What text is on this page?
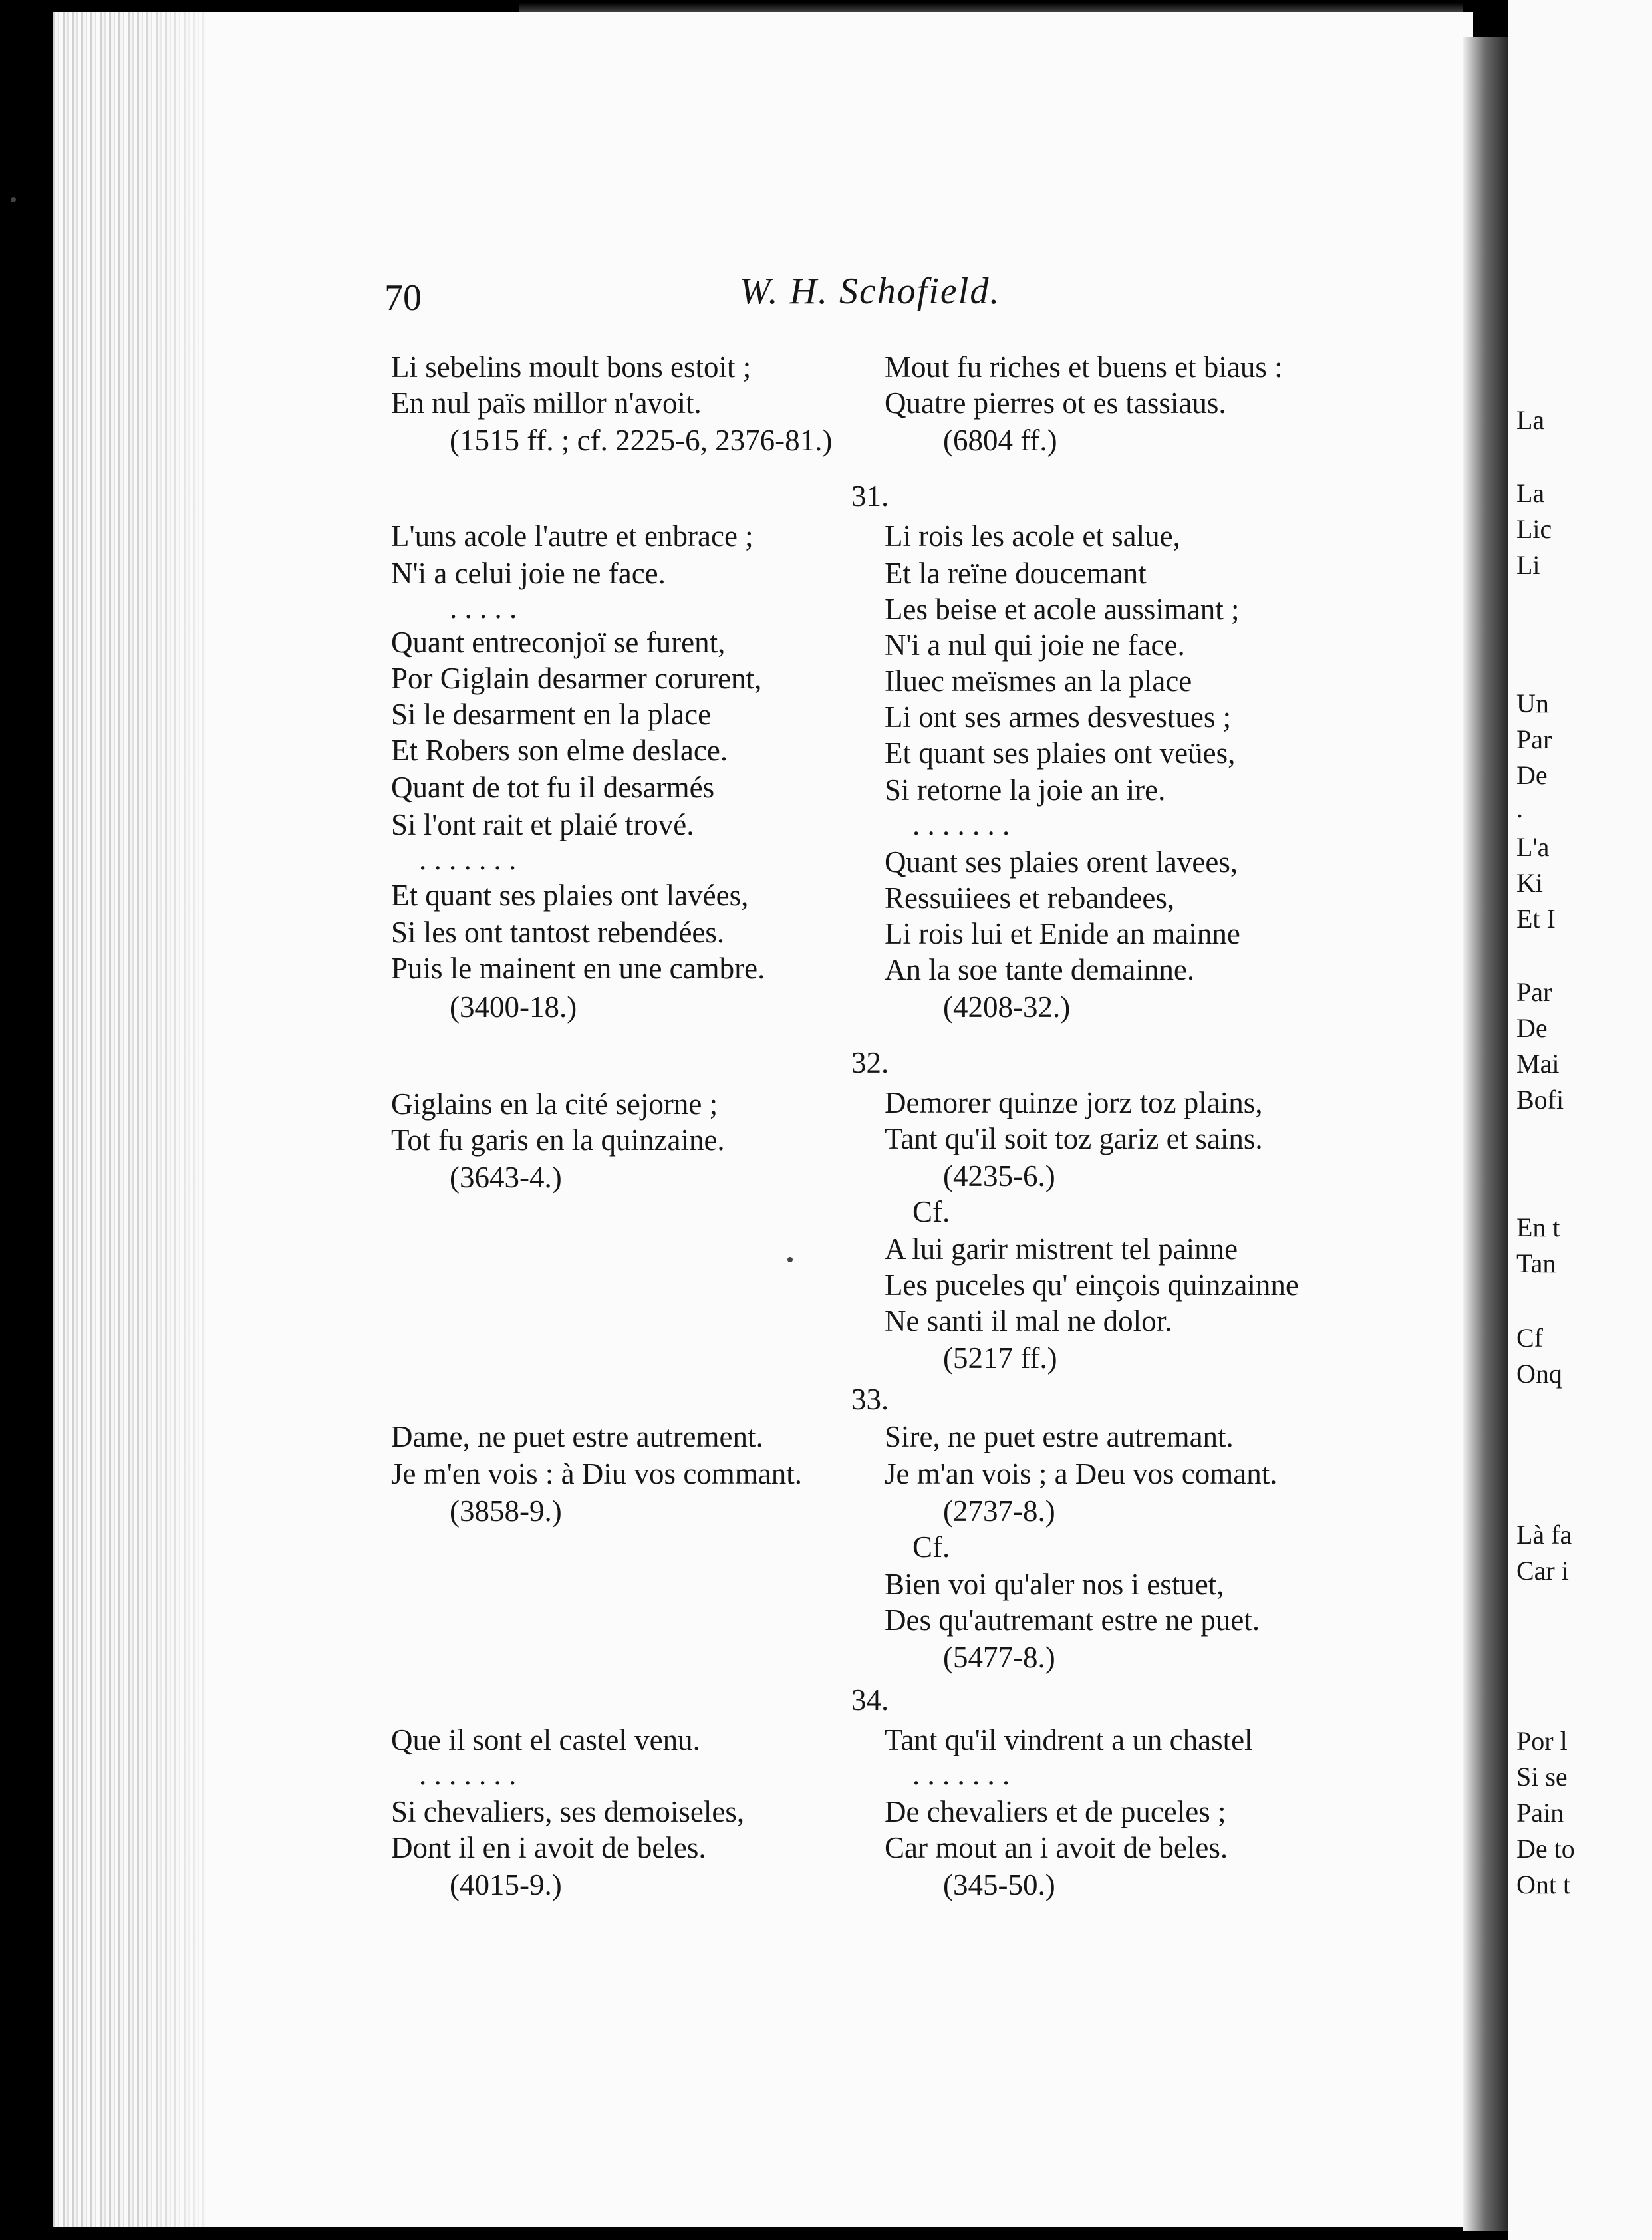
70	W. H. Schofield.
Li sebelins moult bons estoit ;
En nul païs millor n'avoit.
(1515 ff. ; cf. 2225-6, 2376-81.)
L'uns acole l'autre et enbrace ;
N'i a celui joie ne face.
. . . . .
Quant entreconjoï se furent,
Por Giglain desarmer corurent,
Si le desarment en la place
Et Robers son elme deslace.
Quant de tot fu il desarmés
Si l'ont rait et plaié trové.
. . . . . . .
Et quant ses plaies ont lavées,
Si les ont tantost rebendées.
Puis le mainent en une cambre.
(3400-18.)
Giglains en la cité sejorne ;
Tot fu garis en la quinzaine.
(3643-4.)
Dame, ne puet estre autrement.
Je m'en vois : à Diu vos commant.
(3858-9.)
Que il sont el castel venu.
. . . . . . .
Si chevaliers, ses demoiseles,
Dont il en i avoit de beles.
(4015-9.)
Mout fu riches et buens et biaus :
Quatre pierres ot es tassiaus.
(6804 ff.)
31.
Li rois les acole et salue,
Et la reïne doucemant
Les beise et acole aussimant ;
N'i a nul qui joie ne face.
Iluec meïsmes an la place
Li ont ses armes desvestues ;
Et quant ses plaies ont veües,
Si retorne la joie an ire.
. . . . . . .
Quant ses plaies orent lavees,
Ressuiiees et rebandees,
Li rois lui et Enide an mainne
An la soe tante demainne.
(4208-32.)
32.
Demorer quinze jorz toz plains,
Tant qu'il soit toz gariz et sains.
(4235-6.)
Cf.
A lui garir mistrent tel painne
Les puceles qu' einçois quinzainne
Ne santi il mal ne dolor.
(5217 ff.)
33.
Sire, ne puet estre autremant.
Je m'an vois ; a Deu vos comant.
(2737-8.)
Cf.
Bien voi qu'aler nos i estuet,
Des qu'autremant estre ne puet.
(5477-8.)
34.
Tant qu'il vindrent a un chastel
. . . . . . .
De chevaliers et de puceles ;
Car mout an i avoit de beles.
(345-50.)
La
La
Lic
Li
Un
Par
De
.
L'a
Ki
Et I
Par
De
Mai
Bofi
En t
Tan
Cf
Onq
Là fa
Car i
Por l
Si se
Pain
De to
Ont t
